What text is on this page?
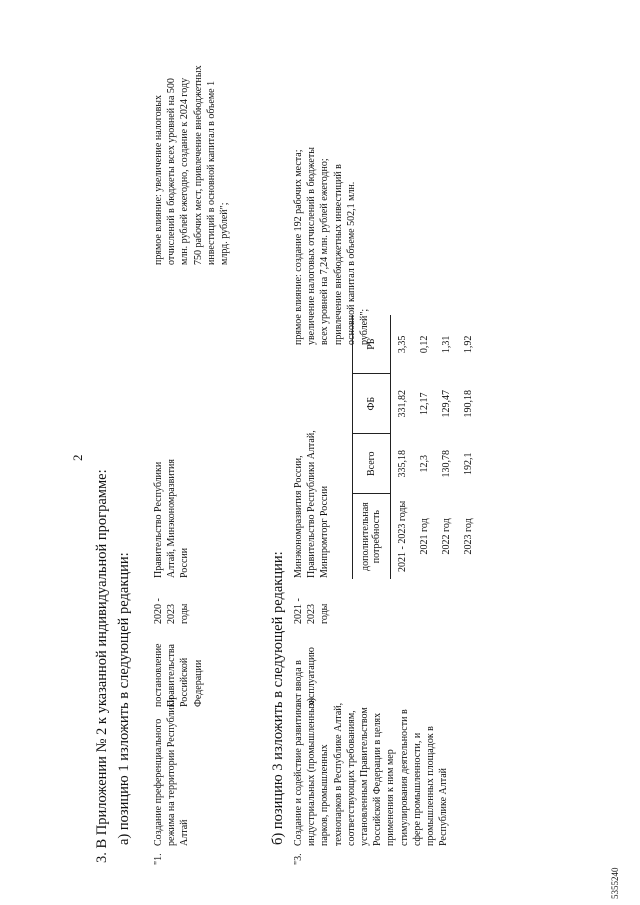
2
3. В Приложении № 2 к указанной индивидуальной программе: а) позицию 1 изложить в следующей редакции:
"1.
Создание преференциального режима на территории Республики Алтай
постановление Правительства Российской Федерации
2020 - 2023 годы
Правительство Республики Алтай, Минэкономразвития России
прямое влияние: увеличение налоговых отчислений в бюджеты всех уровней на 500 млн. рублей ежегодно, создание к 2024 году 750 рабочих мест, привлечение внебюджетных инвестиций в основной капитал в объеме 1 млрд. рублей";
б) позицию 3 изложить в следующей редакции:
"3.
Создание и содействие развитию индустриальных (промышленных) парков, промышленных технопарков в Республике Алтай, соответствующих требованиям, установленным Правительством Российской Федерации в целях применения к ним мер стимулирования деятельности в сфере промышленности, и промышленных площадок в Республике Алтай
акт ввода в эксплуатацию
2021 - 2023 годы
Минэкономразвития России, Правительство Республики Алтай, Минпромторг России
прямое влияние: создание 192 рабочих места; увеличение налоговых отчислений в бюджеты всех уровней на 7,24 млн. рублей ежегодно; привлечение внебюджетных инвестиций в основной капитал в объеме 502,1 млн. рублей";
дополнительная потребность	Всего	ФБ	РБ
2021 - 2023 годы	335,18	331,82	3,35
2021 год	12,3	12,17	0,12
2022 год	130,78	129,47	1,31
2023 год	192,1	190,18	1,92
5355240
